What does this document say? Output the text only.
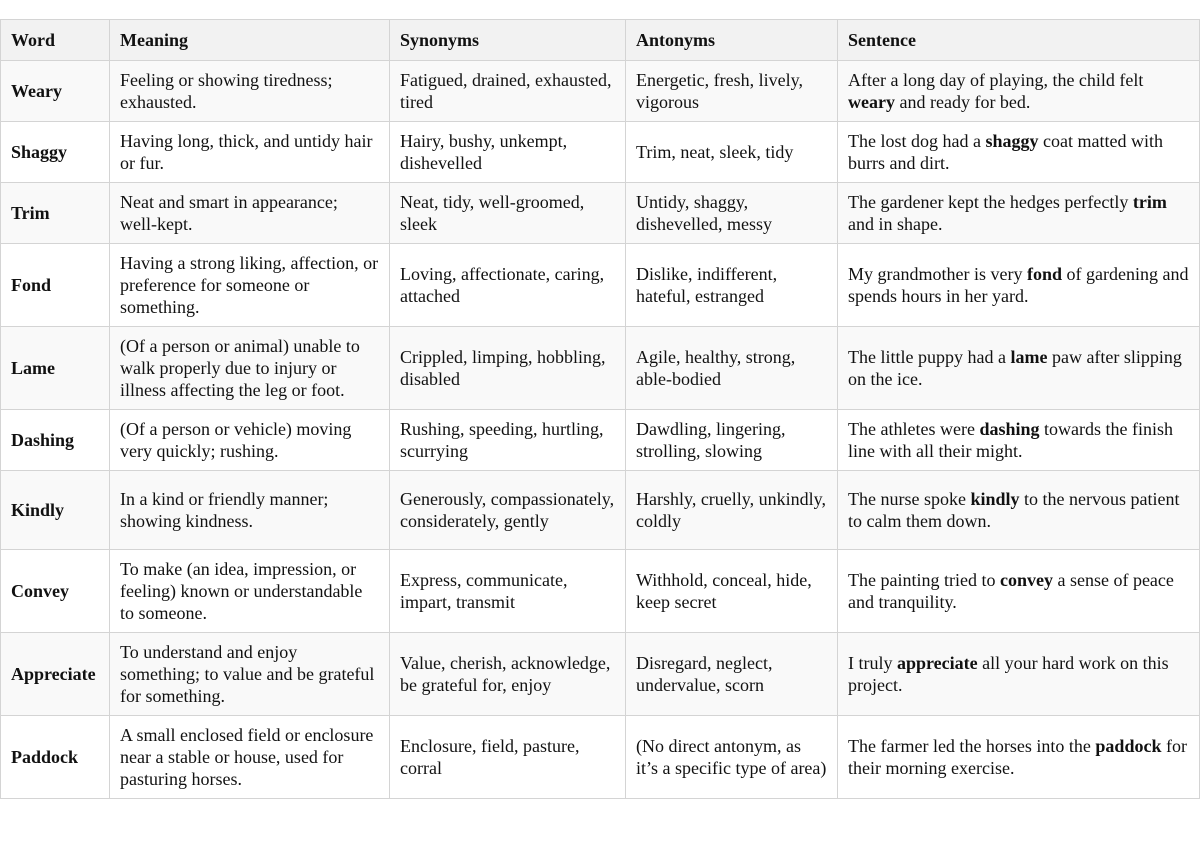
Word	Meaning	Synonyms	Antonyms	Sentence
Weary	Feeling or showing tiredness; exhausted.	Fatigued, drained, exhausted, tired	Energetic, fresh, lively, vigorous	After a long day of playing, the child felt weary and ready for bed.
Shaggy	Having long, thick, and untidy hair or fur.	Hairy, bushy, unkempt, dishevelled	Trim, neat, sleek, tidy	The lost dog had a shaggy coat matted with burrs and dirt.
Trim	Neat and smart in appearance; well-kept.	Neat, tidy, well-groomed, sleek	Untidy, shaggy, dishevelled, messy	The gardener kept the hedges perfectly trim and in shape.
Fond	Having a strong liking, affection, or preference for someone or something.	Loving, affectionate, caring, attached	Dislike, indifferent, hateful, estranged	My grandmother is very fond of gardening and spends hours in her yard.
Lame	(Of a person or animal) unable to walk properly due to injury or illness affecting the leg or foot.	Crippled, limping, hobbling, disabled	Agile, healthy, strong, able-bodied	The little puppy had a lame paw after slipping on the ice.
Dashing	(Of a person or vehicle) moving very quickly; rushing.	Rushing, speeding, hurtling, scurrying	Dawdling, lingering, strolling, slowing	The athletes were dashing towards the finish line with all their might.
Kindly	In a kind or friendly manner; showing kindness.	Generously, compassionately, considerately, gently	Harshly, cruelly, unkindly, coldly	The nurse spoke kindly to the nervous patient to calm them down.
Convey	To make (an idea, impression, or feeling) known or understandable to someone.	Express, communicate, impart, transmit	Withhold, conceal, hide, keep secret	The painting tried to convey a sense of peace and tranquility.
Appreciate	To understand and enjoy something; to value and be grateful for something.	Value, cherish, acknowledge, be grateful for, enjoy	Disregard, neglect, undervalue, scorn	I truly appreciate all your hard work on this project.
Paddock	A small enclosed field or enclosure near a stable or house, used for pasturing horses.	Enclosure, field, pasture, corral	(No direct antonym, as it’s a specific type of area)	The farmer led the horses into the paddock for their morning exercise.
